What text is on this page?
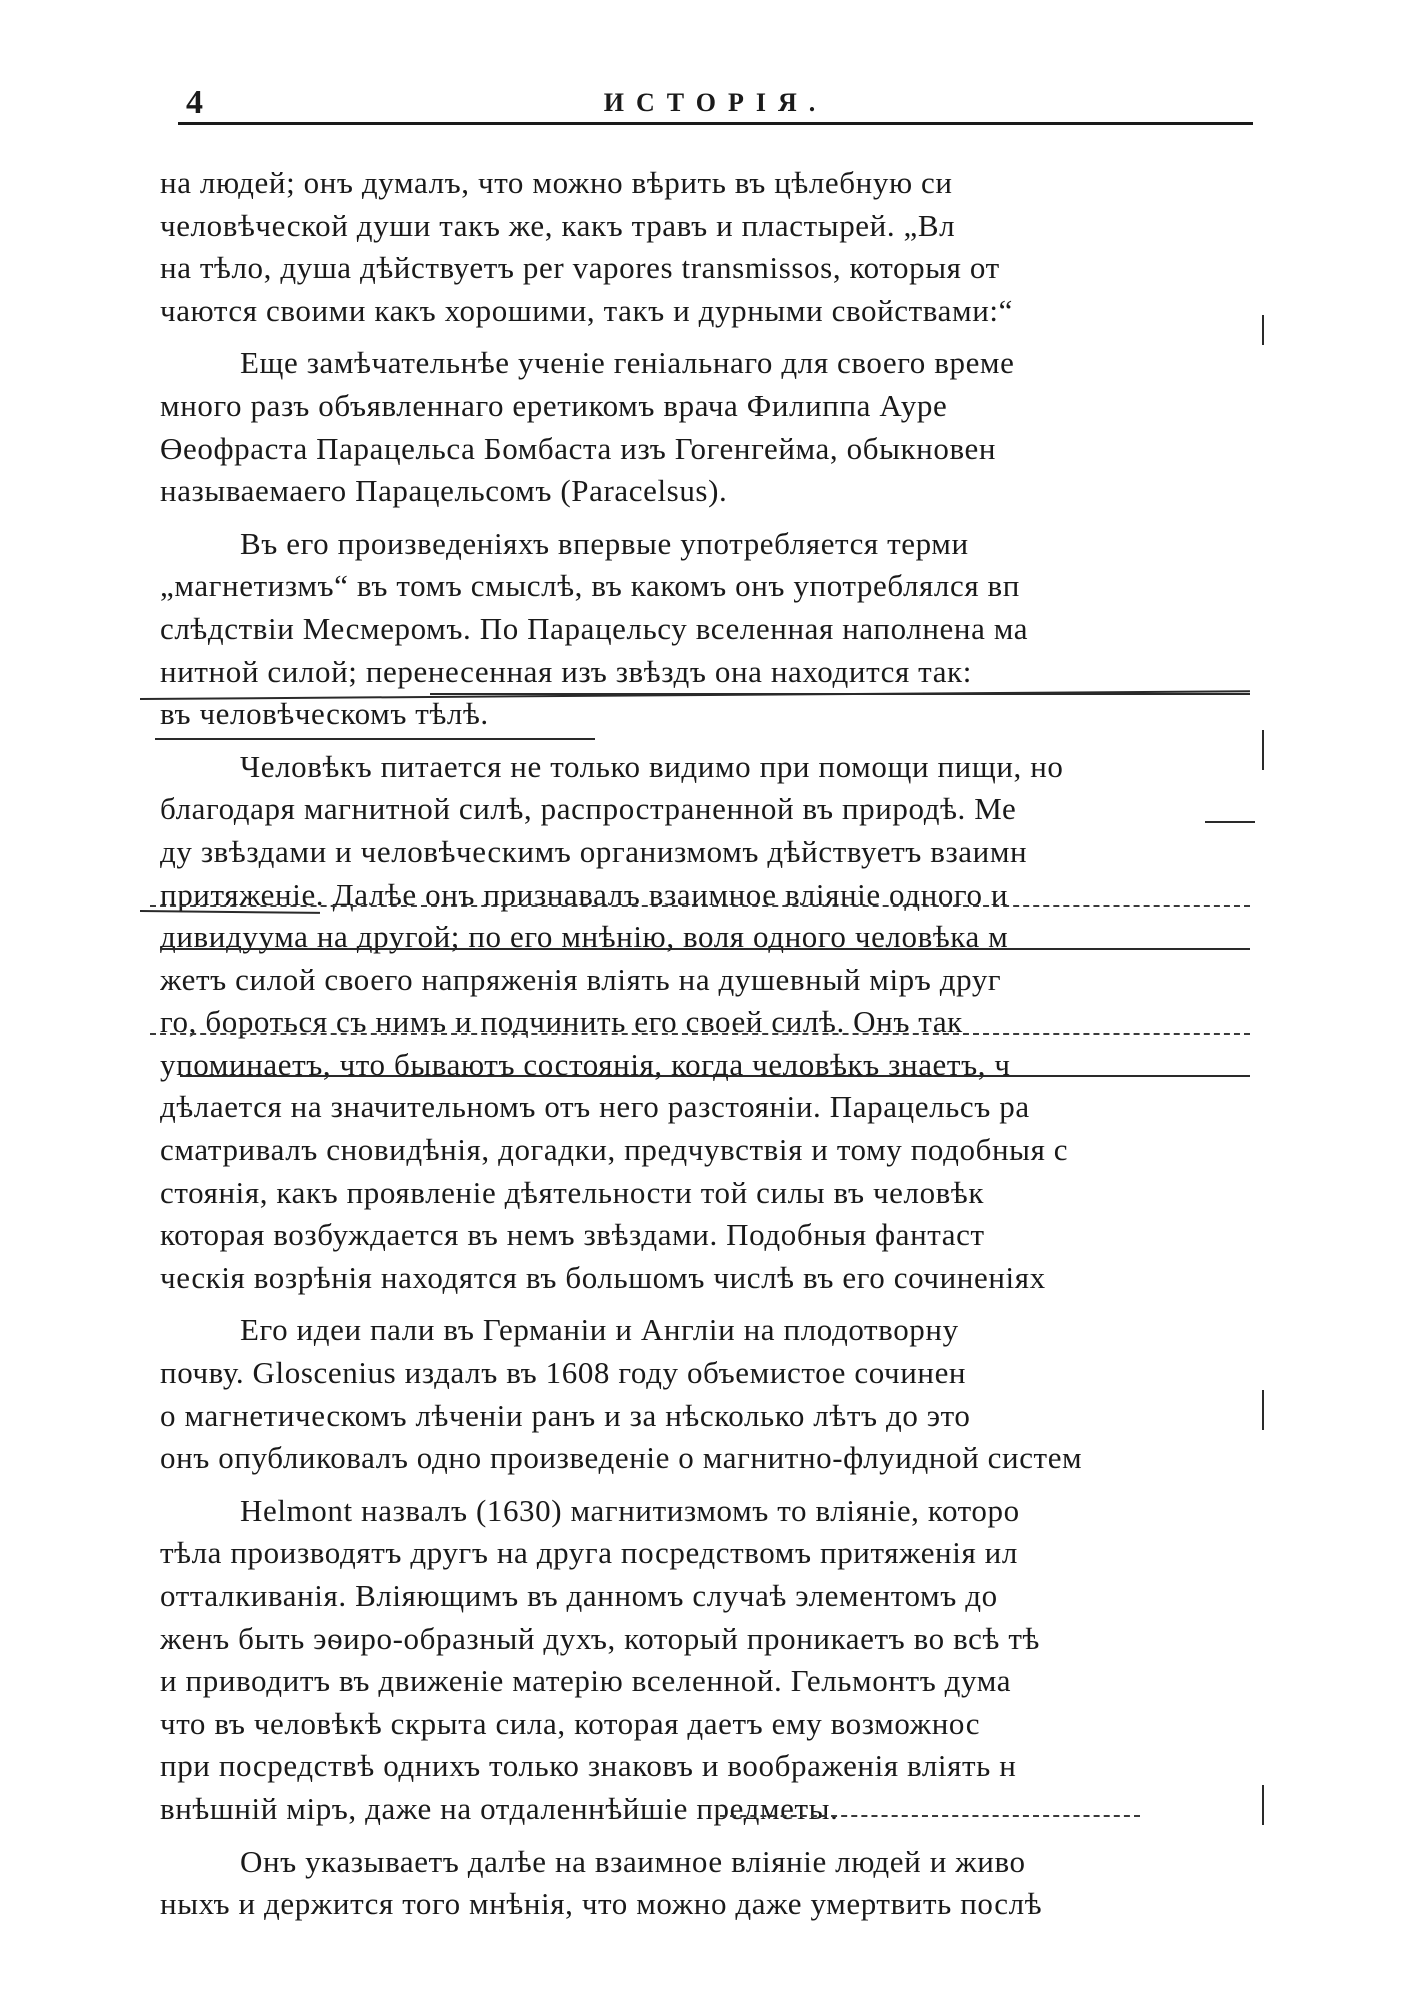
4	ИСТОРІЯ.
на людей; онъ думалъ, что можно вѣрить въ цѣлебную си
человѣческой души такъ же, какъ травъ и пластырей. „Вл
на тѣло, душа дѣйствуетъ per vapores transmissos, которыя от
чаются своими какъ хорошими, такъ и дурными свойствами:“
Еще замѣчательнѣе ученіе геніальнаго для своего време
много разъ объявленнаго еретикомъ врача Филиппа Ауре
Өеофраста Парацельса Бомбаста изъ Гогенгейма, обыкновен
называемаего Парацельсомъ (Paracelsus).
Въ его произведеніяхъ впервые употребляется терми
„магнетизмъ“ въ томъ смыслѣ, въ какомъ онъ употреблялся вп
слѣдствіи Месмеромъ. По Парацельсу вселенная наполнена ма
нитной силой; перенесенная изъ звѣздъ она находится так:
въ человѣческомъ тѣлѣ.
Человѣкъ питается не только видимо при помощи пищи, но
благодаря магнитной силѣ, распространенной въ природѣ. Ме
ду звѣздами и человѣческимъ организмомъ дѣйствуетъ взаимн
притяженіе. Далѣе онъ признавалъ взаимное вліяніе одного и
дивидуума на другой; по его мнѣнію, воля одного человѣка м
жетъ силой своего напряженія вліять на душевный міръ друг
го, бороться съ нимъ и подчинить его своей силѣ. Онъ так
упоминаетъ, что бываютъ состоянія, когда человѣкъ знаетъ, ч
дѣлается на значительномъ отъ него разстояніи. Парацельсъ ра
сматривалъ сновидѣнія, догадки, предчувствія и тому подобныя с
стоянія, какъ проявленіе дѣятельности той силы въ человѣк
которая возбуждается въ немъ звѣздами. Подобныя фантаст
ческія возрѣнія находятся въ большомъ числѣ въ его сочиненіях
Его идеи пали въ Германіи и Англіи на плодотворну
почву. Gloscenius издалъ въ 1608 году объемистое сочинен
о магнетическомъ лѣченіи ранъ и за нѣсколько лѣтъ до это
онъ опубликовалъ одно произведеніе о магнитно-флуидной систем
Helmont назвалъ (1630) магнитизмомъ то вліяніе, которо
тѣла производятъ другъ на друга посредствомъ притяженія ил
отталкиванія. Вліяющимъ въ данномъ случаѣ элементомъ до
женъ быть эѳиро-образный духъ, который проникаетъ во всѣ тѣ
и приводитъ въ движеніе матерію вселенной. Гельмонтъ дума
что въ человѣкѣ скрыта сила, которая даетъ ему возможнос
при посредствѣ однихъ только знаковъ и воображенія вліять н
внѣшній міръ, даже на отдаленнѣйшіе предметы.
Онъ указываетъ далѣе на взаимное вліяніе людей и живо
ныхъ и держится того мнѣнія, что можно даже умертвить послѣ
